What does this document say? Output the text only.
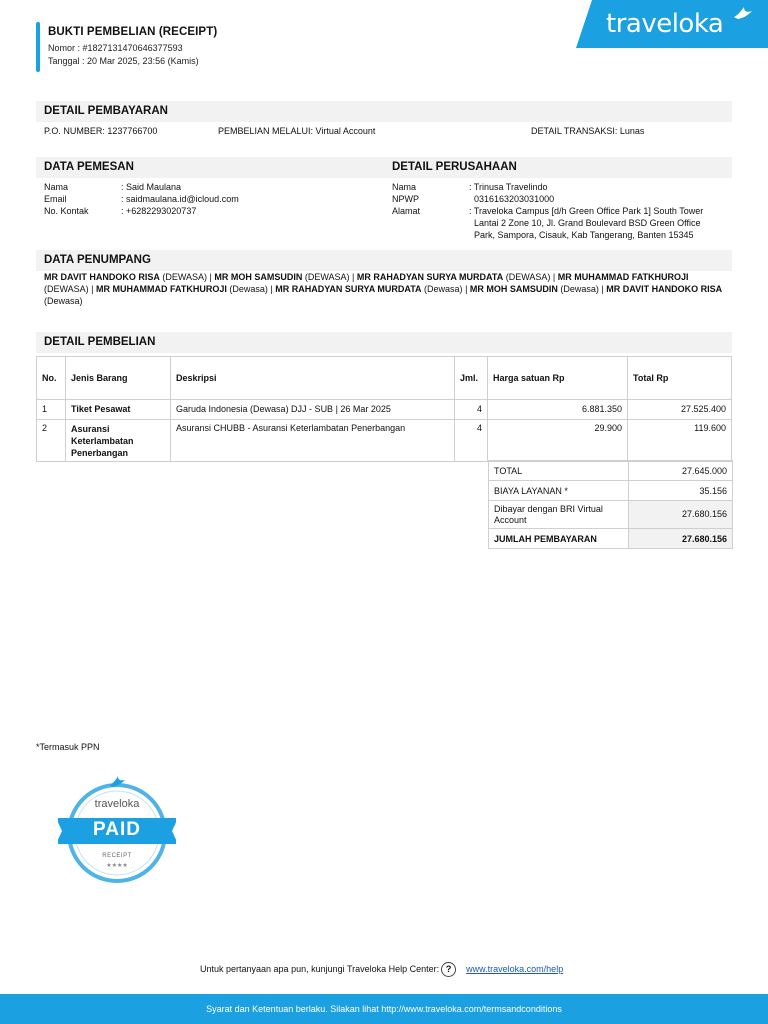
BUKTI PEMBELIAN (RECEIPT)
Nomor : #1827131470646377593
Tanggal : 20 Mar 2025, 23:56 (Kamis)
traveloka
DETAIL PEMBAYARAN
P.O. NUMBER: 1237766700	PEMBELIAN MELALUI: Virtual Account	DETAIL TRANSAKSI: Lunas
DATA PEMESAN	DETAIL PERUSAHAAN
Nama	: Said Maulana
Email	: saidmaulana.id@icloud.com
No. Kontak	: +6282293020737
Nama	: Trinusa Travelindo
NPWP	0316163203031000
Alamat	: Traveloka Campus [d/h Green Office Park 1] South Tower
Lantai 2 Zone 10, Jl. Grand Boulevard BSD Green Office
Park, Sampora, Cisauk, Kab Tangerang, Banten 15345
DATA PENUMPANG
MR DAVIT HANDOKO RISA (DEWASA) | MR MOH SAMSUDIN (DEWASA) | MR RAHADYAN SURYA MURDATA (DEWASA) | MR MUHAMMAD FATKHUROJI (DEWASA) | MR MUHAMMAD FATKHUROJI (Dewasa) | MR RAHADYAN SURYA MURDATA (Dewasa) | MR MOH SAMSUDIN (Dewasa) | MR DAVIT HANDOKO RISA (Dewasa)
DETAIL PEMBELIAN
No.	Jenis Barang	Deskripsi	Jml.	Harga satuan Rp	Total Rp
1	Tiket Pesawat	Garuda Indonesia (Dewasa) DJJ - SUB | 26 Mar 2025	4	6.881.350	27.525.400
2	Asuransi Keterlambatan Penerbangan	Asuransi CHUBB - Asuransi Keterlambatan Penerbangan	4	29.900	119.600
TOTAL	27.645.000
BIAYA LAYANAN *	35.156
Dibayar dengan BRI Virtual Account	27.680.156
JUMLAH PEMBAYARAN	27.680.156
*Termasuk PPN
traveloka
PAID
RECEIPT
★★★★
Untuk pertanyaan apa pun, kunjungi Traveloka Help Center: ? www.traveloka.com/help
Syarat dan Ketentuan berlaku. Silakan lihat http://www.traveloka.com/termsandconditions
